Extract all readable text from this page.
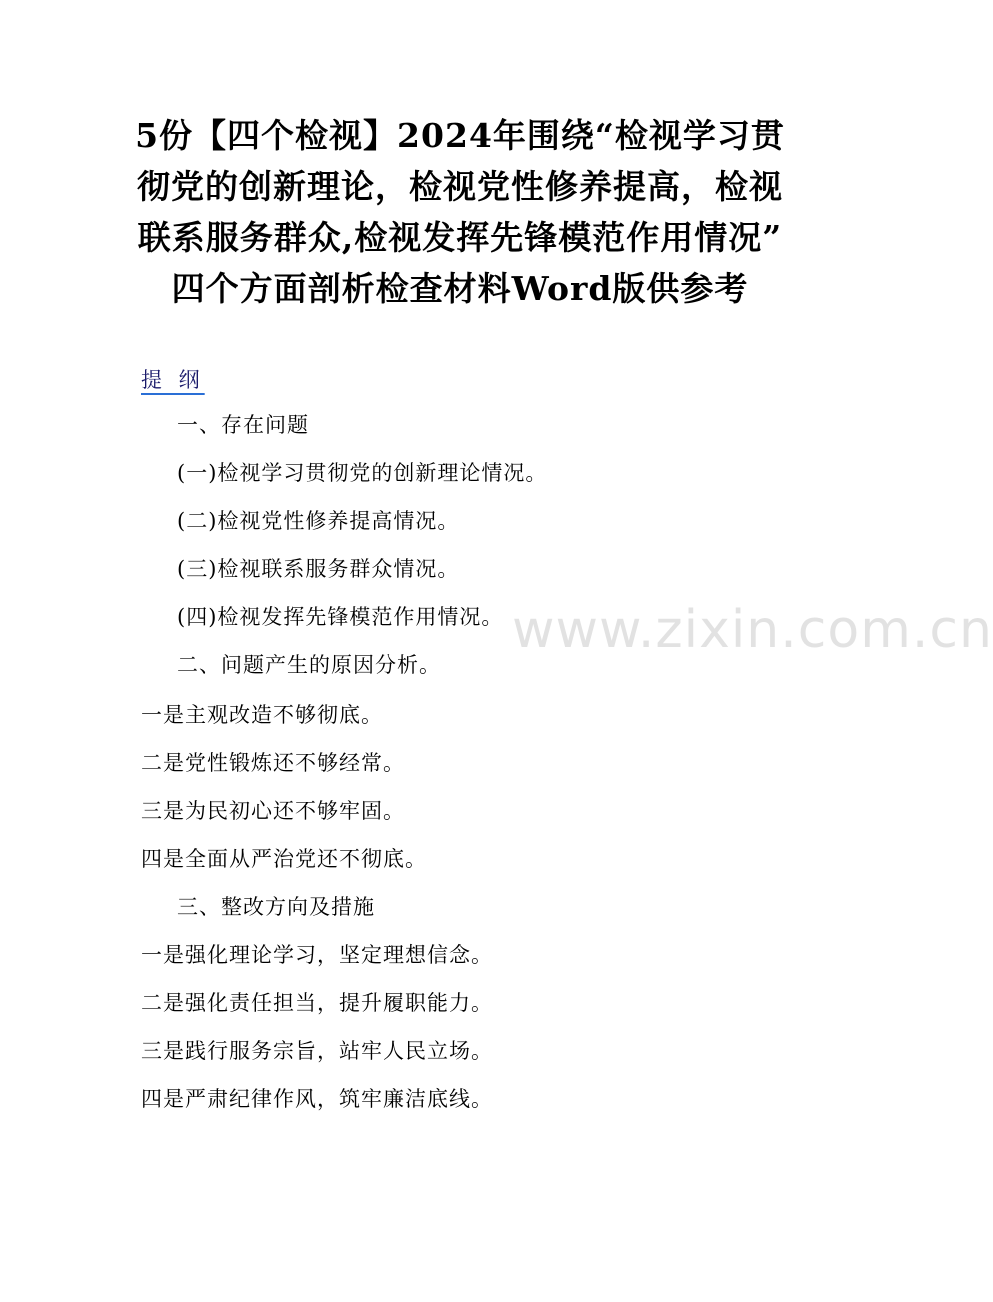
5份【四个检视】2024年围绕“检视学习贯
彻党的创新理论，检视党性修养提高，检视
联系服务群众,检视发挥先锋模范作用情况”
四个方面剖析检查材料Word版供参考
提 纲
一、存在问题
(一)检视学习贯彻党的创新理论情况。
(二)检视党性修养提高情况。
(三)检视联系服务群众情况。
(四)检视发挥先锋模范作用情况。
二、问题产生的原因分析。
一是主观改造不够彻底。
二是党性锻炼还不够经常。
三是为民初心还不够牢固。
四是全面从严治党还不彻底。
三、整改方向及措施
一是强化理论学习，坚定理想信念。
二是强化责任担当，提升履职能力。
三是践行服务宗旨，站牢人民立场。
四是严肃纪律作风，筑牢廉洁底线。
www.zixin.com.cn
